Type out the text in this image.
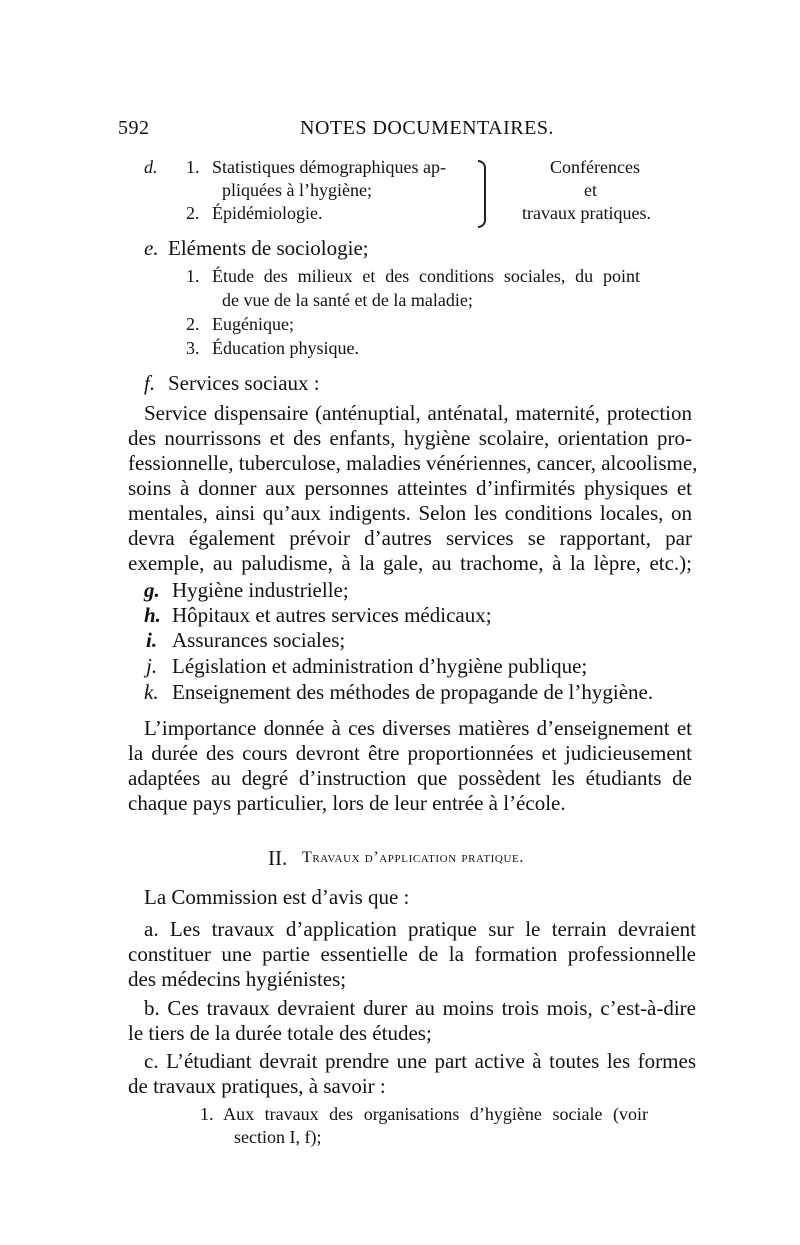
592	NOTES DOCUMENTAIRES.
d. 1. Statistiques démographiques ap-
pliquées à l’hygiène;
2. Épidémiologie.
Conférences
et
travaux pratiques.
e. Eléments de sociologie;
1. Étude des milieux et des conditions sociales, du point
de vue de la santé et de la maladie;
2. Eugénique;
3. Éducation physique.
f. Services sociaux :
Service dispensaire (anténuptial, anténatal, maternité, protection
des nourrissons et des enfants, hygiène scolaire, orientation pro-
fessionnelle, tuberculose, maladies vénériennes, cancer, alcoolisme,
soins à donner aux personnes atteintes d’infirmités physiques et
mentales, ainsi qu’aux indigents. Selon les conditions locales, on
devra également prévoir d’autres services se rapportant, par
exemple, au paludisme, à la gale, au trachome, à la lèpre, etc.);
g. Hygiène industrielle;
h. Hôpitaux et autres services médicaux;
i. Assurances sociales;
j. Législation et administration d’hygiène publique;
k. Enseignement des méthodes de propagande de l’hygiène.
L’importance donnée à ces diverses matières d’enseignement et
la durée des cours devront être proportionnées et judicieusement
adaptées au degré d’instruction que possèdent les étudiants de
chaque pays particulier, lors de leur entrée à l’école.
II. Travaux d’application pratique.
La Commission est d’avis que :
a. Les travaux d’application pratique sur le terrain devraient
constituer une partie essentielle de la formation professionnelle
des médecins hygiénistes;
b. Ces travaux devraient durer au moins trois mois, c’est-à-dire
le tiers de la durée totale des études;
c. L’étudiant devrait prendre une part active à toutes les formes
de travaux pratiques, à savoir :
1. Aux travaux des organisations d’hygiène sociale (voir
section I, f);
